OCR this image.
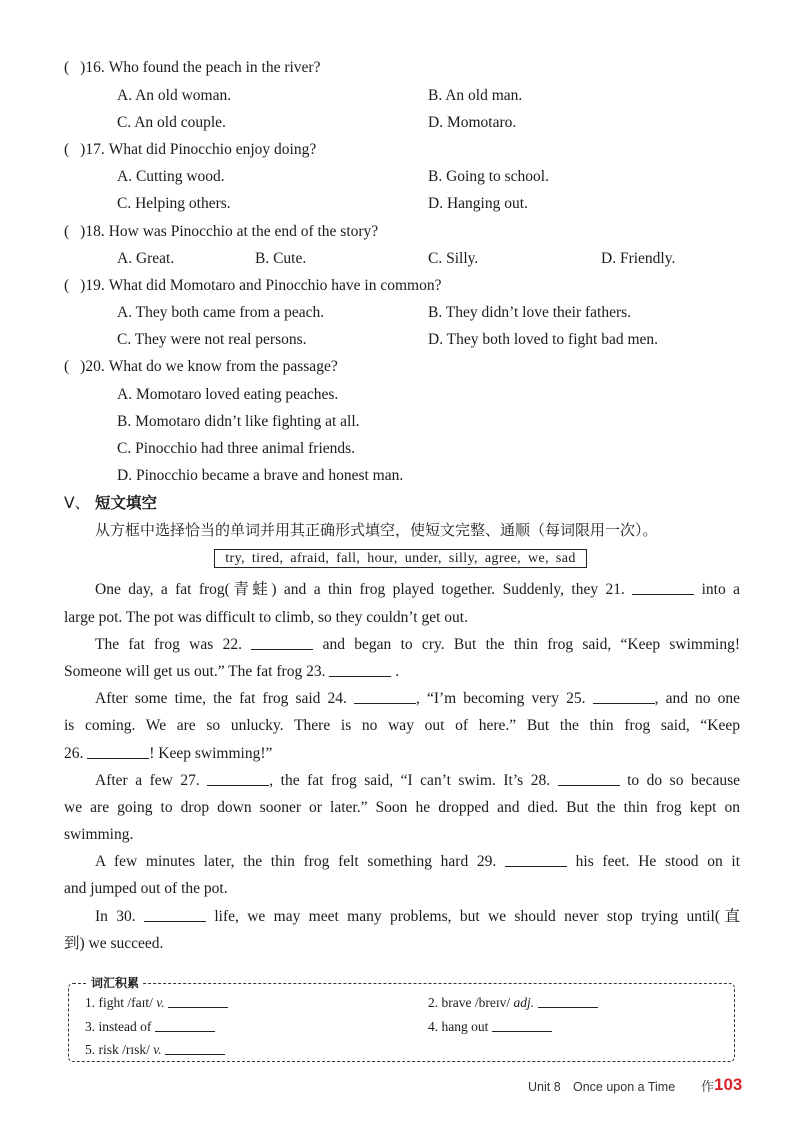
( )16. Who found the peach in the river?
A. An old woman.	B. An old man.
C. An old couple.	D. Momotaro.
( )17. What did Pinocchio enjoy doing?
A. Cutting wood.	B. Going to school.
C. Helping others.	D. Hanging out.
( )18. How was Pinocchio at the end of the story?
A. Great.	B. Cute.	C. Silly.	D. Friendly.
( )19. What did Momotaro and Pinocchio have in common?
A. They both came from a peach.	B. They didn’t love their fathers.
C. They were not real persons.	D. They both loved to fight bad men.
( )20. What do we know from the passage?
A. Momotaro loved eating peaches.
B. Momotaro didn’t like fighting at all.
C. Pinocchio had three animal friends.
D. Pinocchio became a brave and honest man.
Ⅴ、 短文填空
从方框中选择恰当的单词并用其正确形式填空，使短文完整、通顺（每词限用一次）。
try, tired, afraid, fall, hour, under, silly, agree, we, sad
One day, a fat frog(青蛙) and a thin frog played together. Suddenly, they 21.	into a
large pot. The pot was difficult to climb, so they couldn’t get out.
The fat frog was 22.	and began to cry. But the thin frog said, “Keep swimming!
Someone will get us out.” The fat frog 23.	.
After some time, the fat frog said 24.	, “I’m becoming very 25.	, and no one
is coming. We are so unlucky. There is no way out of here.” But the thin frog said, “Keep
26.	! Keep swimming!”
After a few 27.	, the fat frog said, “I can’t swim. It’s 28.	to do so because
we are going to drop down sooner or later.” Soon he dropped and died. But the thin frog kept on
swimming.
A few minutes later, the thin frog felt something hard 29.	his feet. He stood on it
and jumped out of the pot.
In 30.	life, we may meet many problems, but we should never stop trying until(直
到) we succeed.
词汇积累
1. fight /faɪt/ v.	2. brave /breɪv/ adj.
3. instead of	4. hang out
5. risk /rɪsk/ v.
Unit 8 Once upon a Time 作 103
